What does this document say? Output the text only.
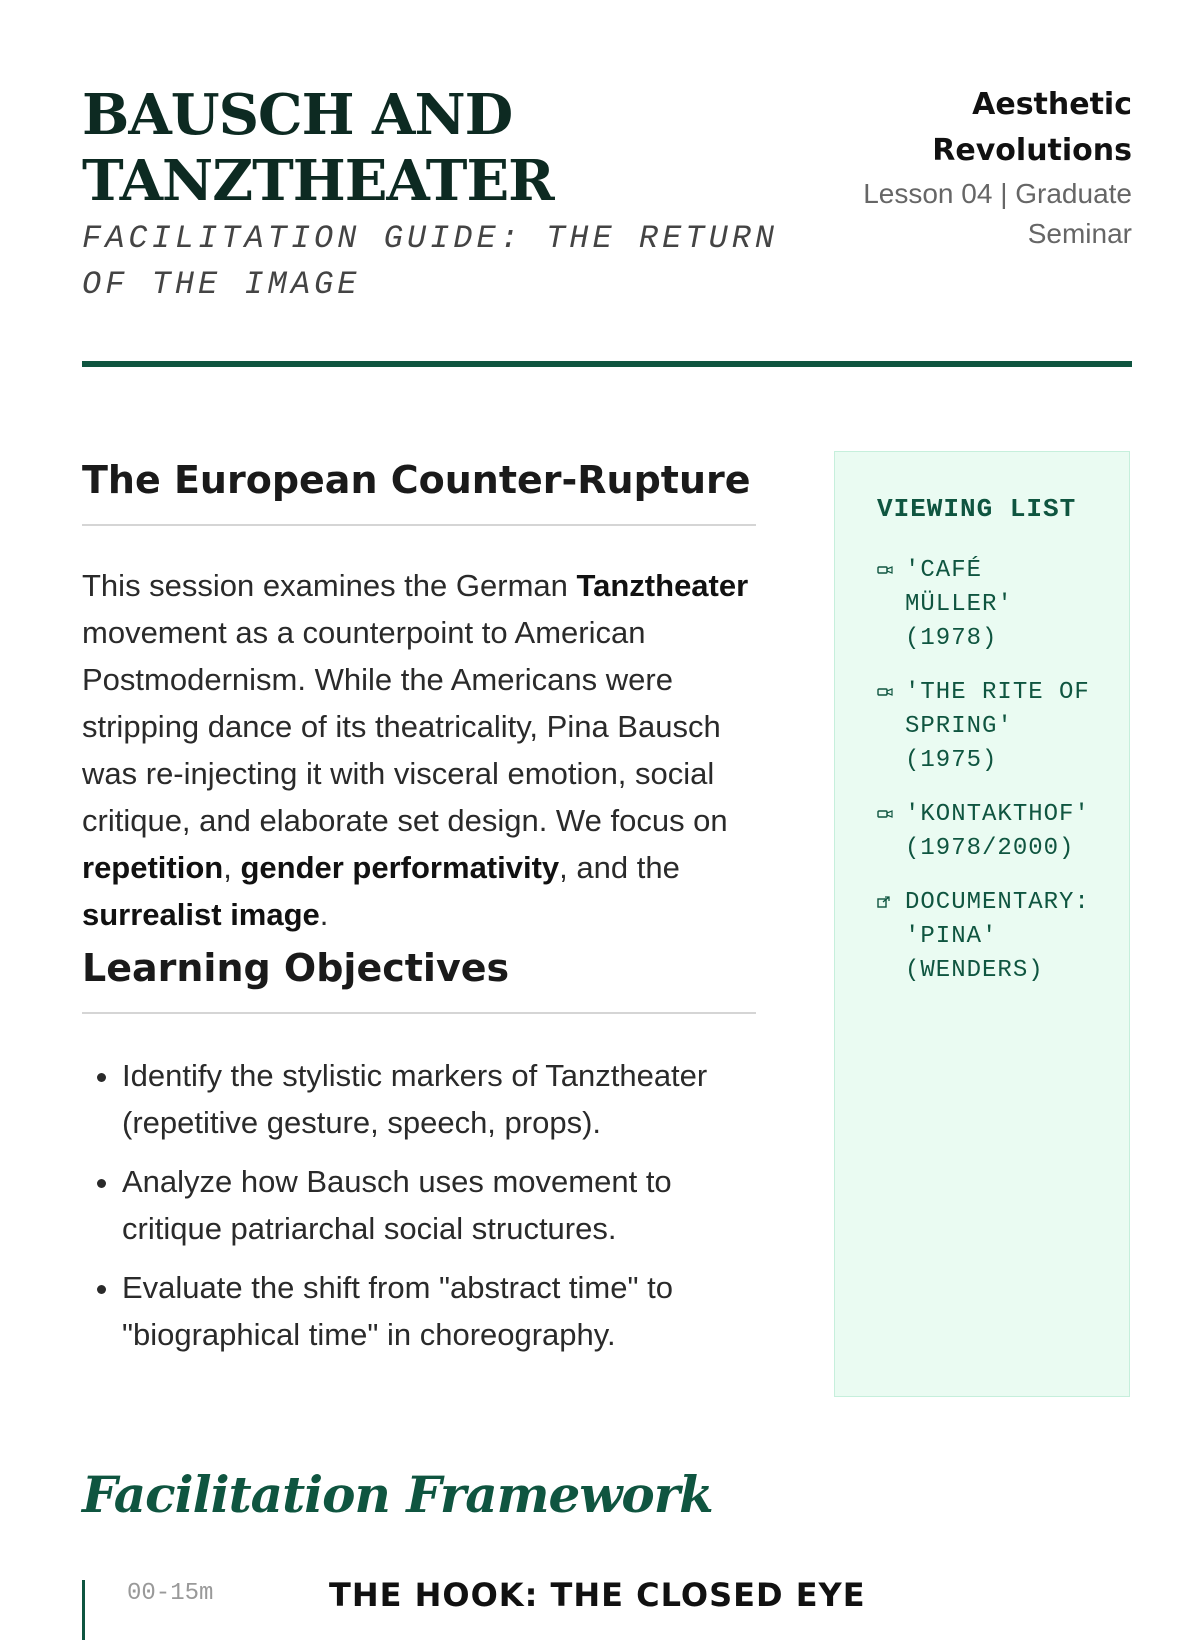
BAUSCH AND TANZTHEATER
FACILITATION GUIDE: THE RETURN OF THE IMAGE
Aesthetic Revolutions
Lesson 04 | Graduate Seminar
The European Counter-Rupture

This session examines the German Tanztheater movement as a counterpoint to American Postmodernism. While the Americans were stripping dance of its theatricality, Pina Bausch was re-injecting it with visceral emotion, social critique, and elaborate set design. We focus on repetition, gender performativity, and the surrealist image.

Learning Objectives
• Identify the stylistic markers of Tanztheater (repetitive gesture, speech, props).
• Analyze how Bausch uses movement to critique patriarchal social structures.
• Evaluate the shift from "abstract time" to "biographical time" in choreography.
VIEWING LIST
'CAFÉ MÜLLER' (1978)
'THE RITE OF SPRING' (1975)
'KONTAKTHOF' (1978/2000)
DOCUMENTARY: 'PINA' (WENDERS)
Facilitation Framework
00-15m	THE HOOK: THE CLOSED EYE
